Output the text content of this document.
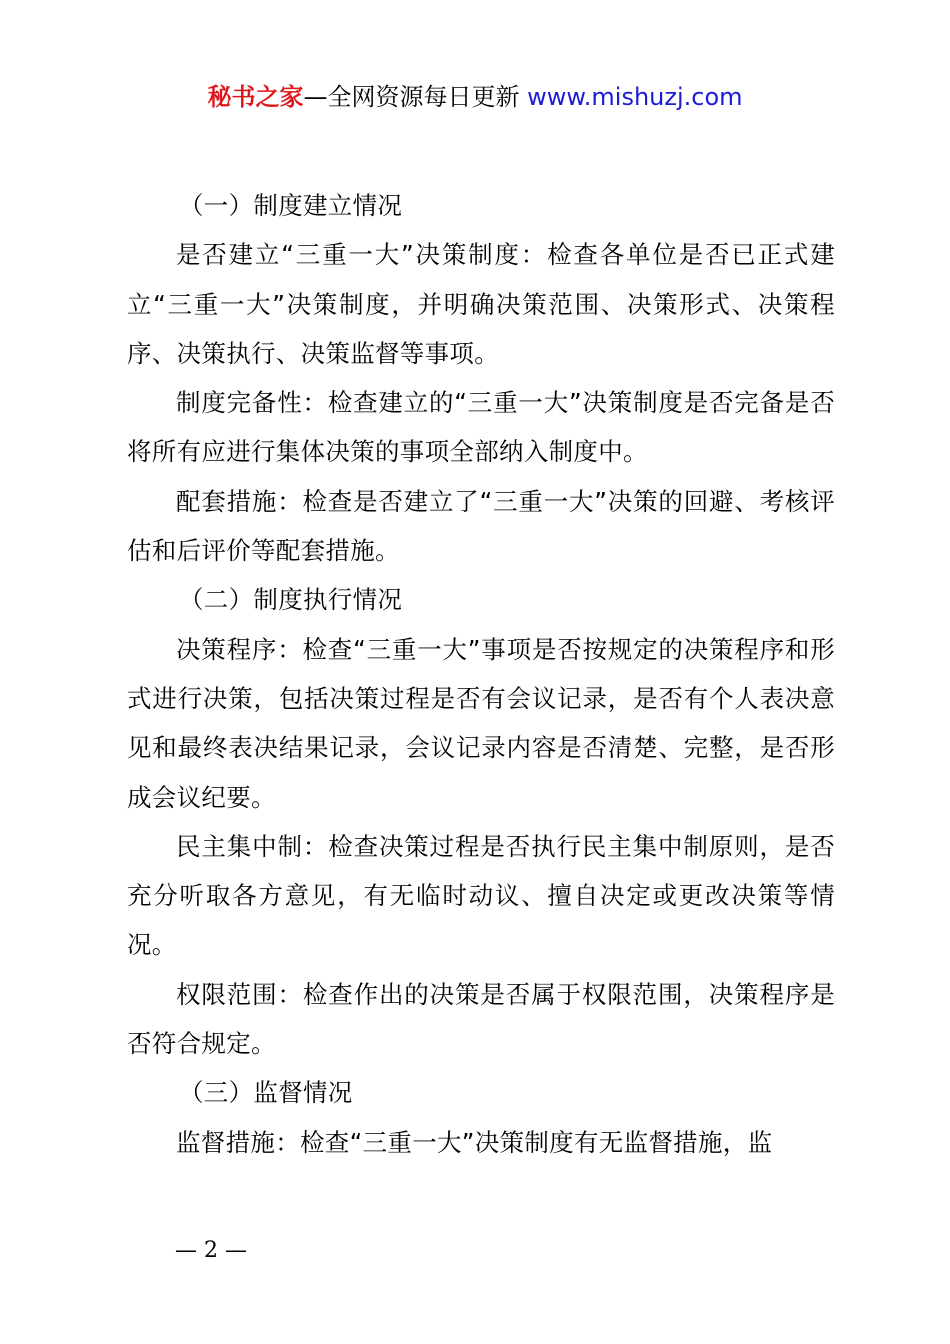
秘书之家—全网资源每日更新 www.mishuzj.com

（一）制度建立情况

是否建立“三重一大”决策制度：检查各单位是否已正式建立“三重一大”决策制度，并明确决策范围、决策形式、决策程序、决策执行、决策监督等事项。

制度完备性：检查建立的“三重一大”决策制度是否完备是否将所有应进行集体决策的事项全部纳入制度中。

配套措施：检查是否建立了“三重一大”决策的回避、考核评估和后评价等配套措施。

（二）制度执行情况

决策程序：检查“三重一大”事项是否按规定的决策程序和形式进行决策，包括决策过程是否有会议记录，是否有个人表决意见和最终表决结果记录，会议记录内容是否清楚、完整，是否形成会议纪要。

民主集中制：检查决策过程是否执行民主集中制原则，是否充分听取各方意见，有无临时动议、擅自决定或更改决策等情况。

权限范围：检查作出的决策是否属于权限范围，决策程序是否符合规定。

（三）监督情况

监督措施：检查“三重一大”决策制度有无监督措施，监

— 2 —
